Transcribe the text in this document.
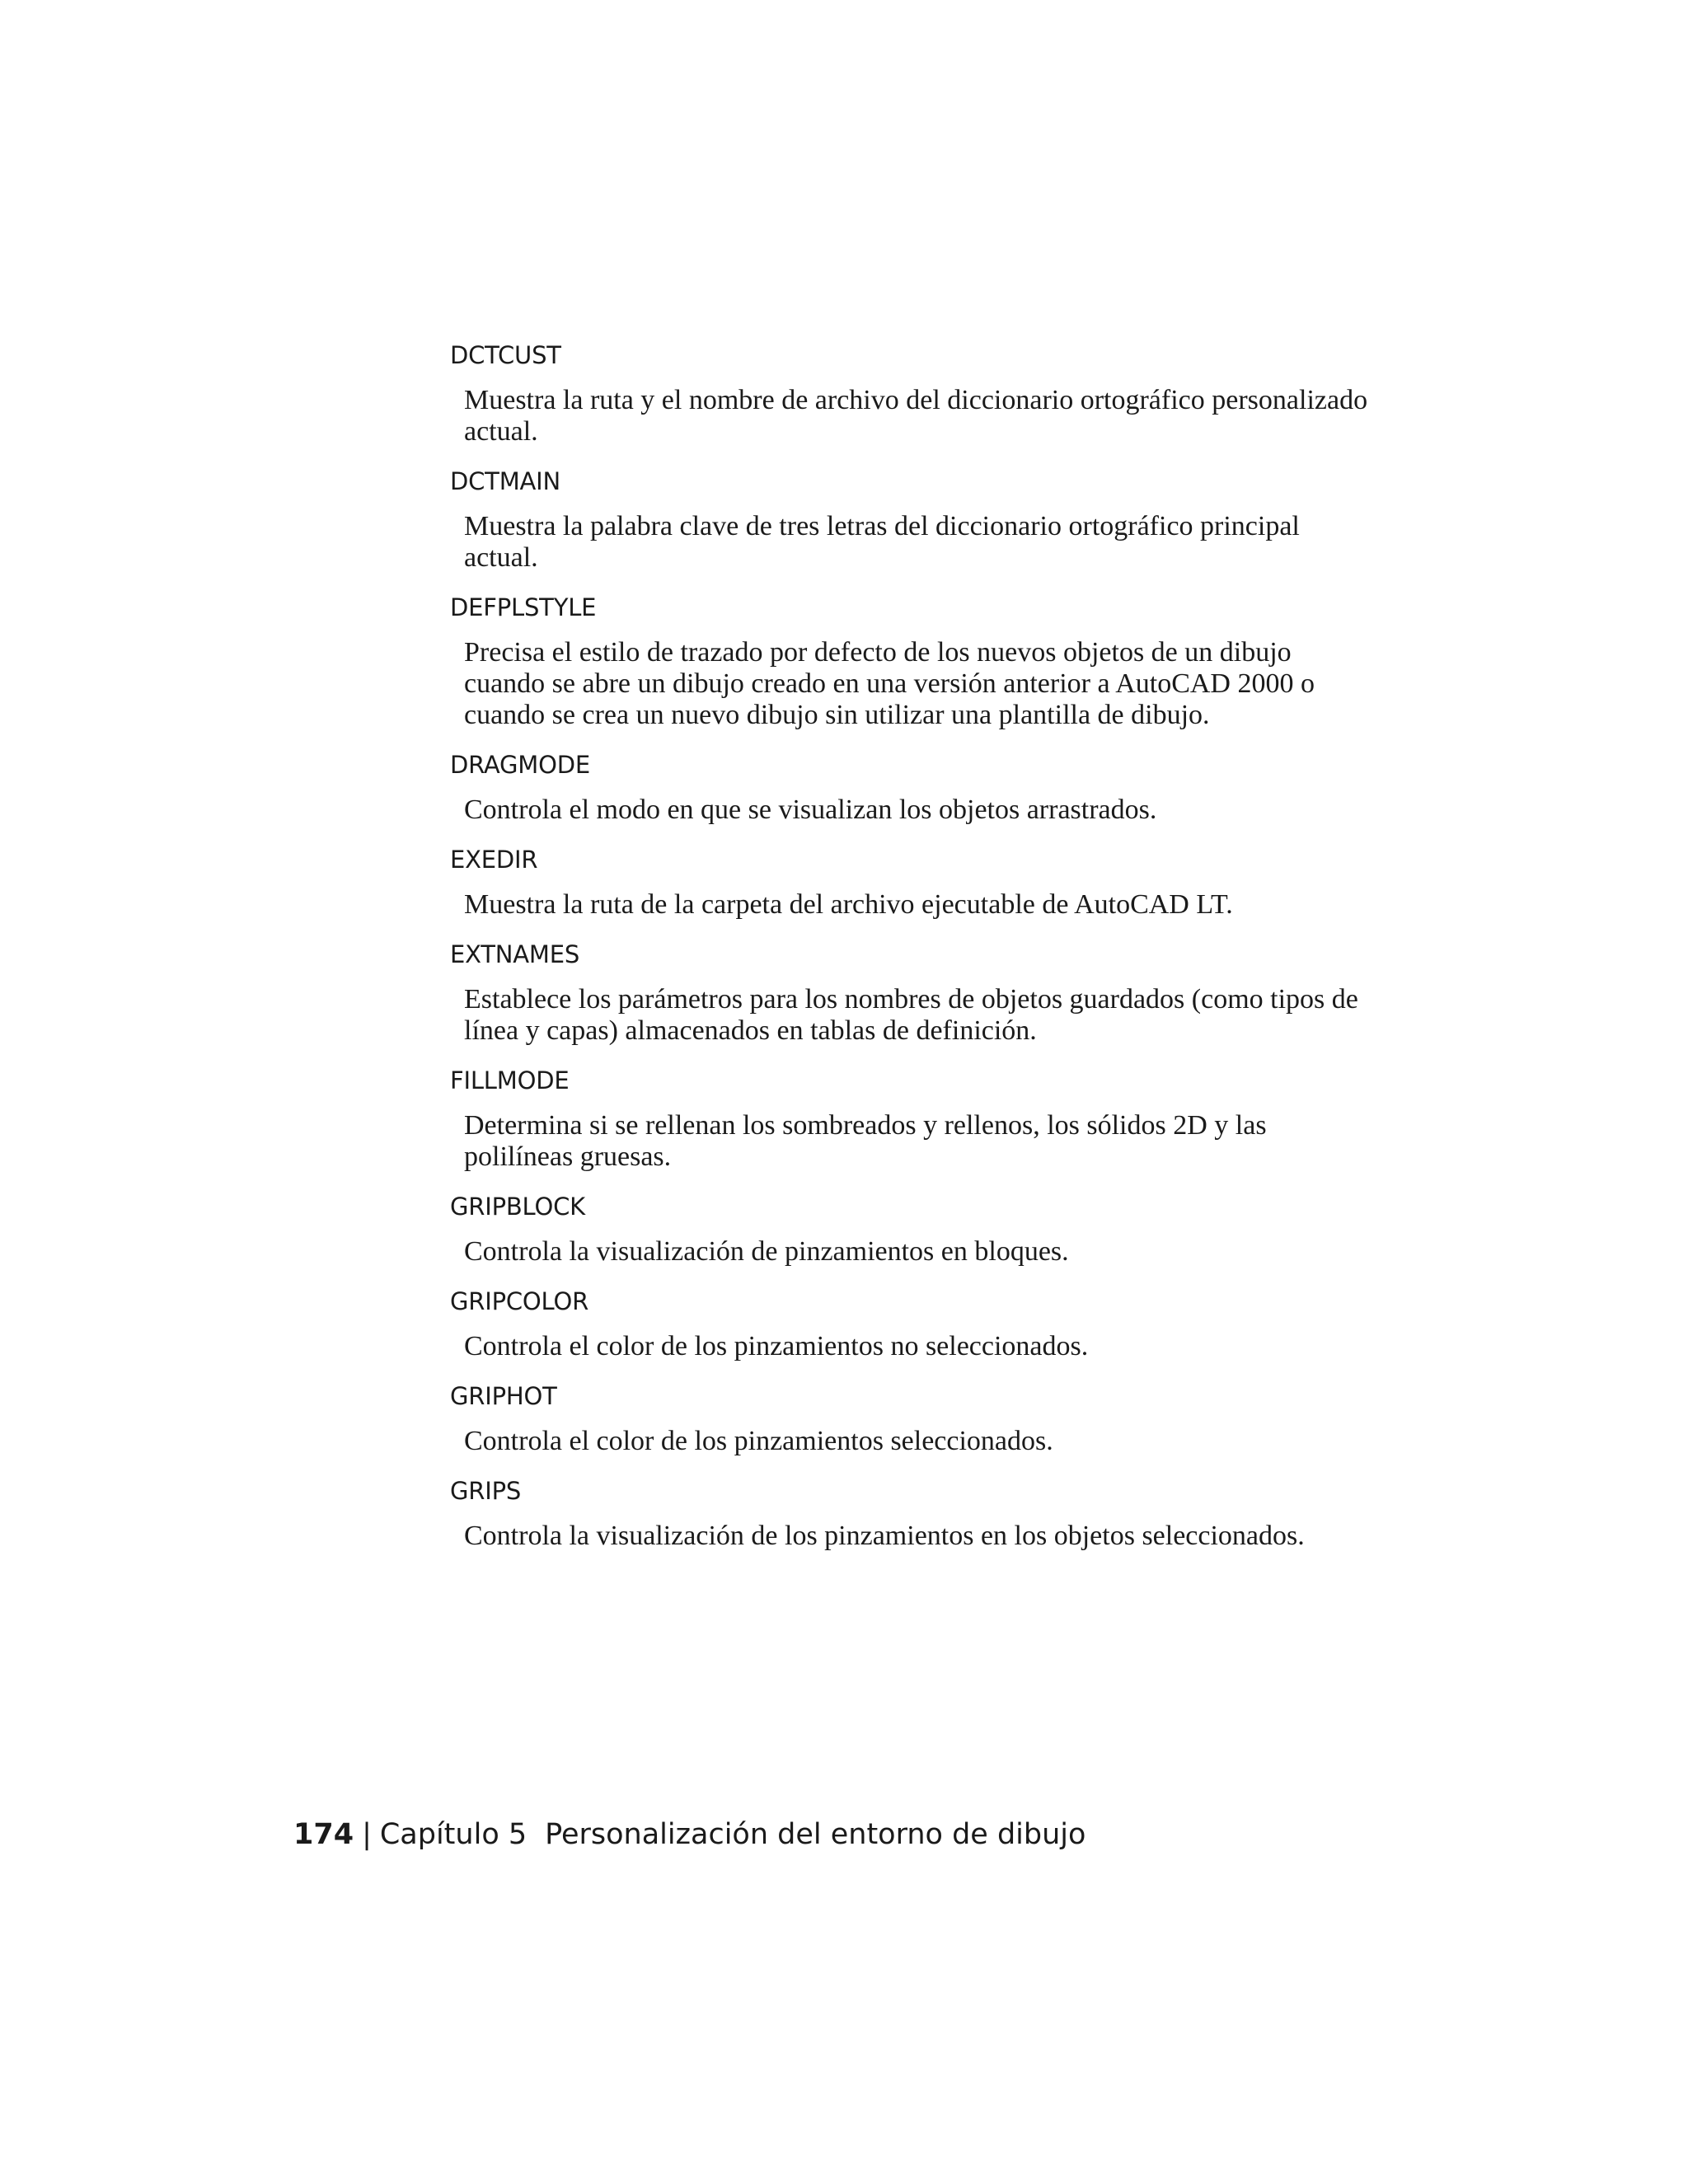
DCTCUST
Muestra la ruta y el nombre de archivo del diccionario ortográfico personalizado actual.
DCTMAIN
Muestra la palabra clave de tres letras del diccionario ortográfico principal actual.
DEFPLSTYLE
Precisa el estilo de trazado por defecto de los nuevos objetos de un dibujo cuando se abre un dibujo creado en una versión anterior a AutoCAD 2000 o cuando se crea un nuevo dibujo sin utilizar una plantilla de dibujo.
DRAGMODE
Controla el modo en que se visualizan los objetos arrastrados.
EXEDIR
Muestra la ruta de la carpeta del archivo ejecutable de AutoCAD LT.
EXTNAMES
Establece los parámetros para los nombres de objetos guardados (como tipos de línea y capas) almacenados en tablas de definición.
FILLMODE
Determina si se rellenan los sombreados y rellenos, los sólidos 2D y las polilíneas gruesas.
GRIPBLOCK
Controla la visualización de pinzamientos en bloques.
GRIPCOLOR
Controla el color de los pinzamientos no seleccionados.
GRIPHOT
Controla el color de los pinzamientos seleccionados.
GRIPS
Controla la visualización de los pinzamientos en los objetos seleccionados.
174 | Capítulo 5 Personalización del entorno de dibujo
